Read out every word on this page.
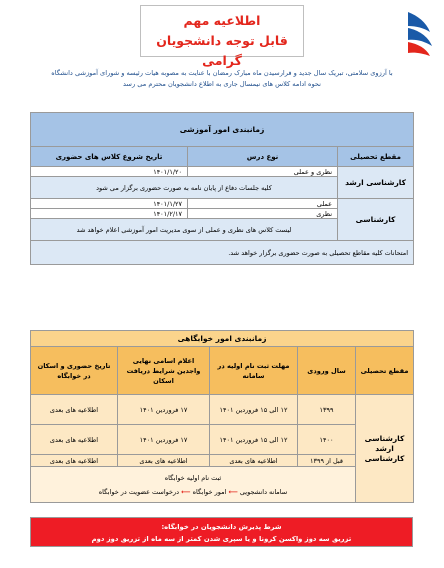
اطلاعیه مهم
قابل توجه دانشجویان گرامی
با آرزوی سلامتی، تبریک سال جدید و فرارسیدن ماه مبارک رمضان با عنایت به مصوبه هیات رئیسه و شورای آموزشی دانشگاه
نحوه ادامه کلاس های نیمسال جاری به اطلاع دانشجویان محترم می رسد
زمانبندی امور آموزشی		
مقطع تحصیلی	نوع درس	تاریخ شروع کلاس های حضوری
کارشناسی ارشد	نظری و عملی	۱۴۰۱/۱/۲۰
	کلیه جلسات دفاع از پایان نامه به صورت حضوری برگزار می شود	
کارشناسی	عملی	۱۴۰۱/۱/۲۷
	نظری	۱۴۰۱/۲/۱۷
	لیست کلاس های نظری و عملی از سوی مدیریت امور آموزشی اعلام خواهد شد	
امتحانات کلیه مقاطع تحصیلی به صورت حضوری برگزار خواهد شد.		
زمانبندی امور خوابگاهی				
مقطع تحصیلی	سال ورودی	مهلت ثبت نام اولیه در سامانه	اعلام اسامی نهایی واجدین شرایط دریافت اسکان	تاریخ حضوری و اسکان در خوابگاه
کارشناسی ارشد کارشناسی	۱۳۹۹	۱۲ الی ۱۵ فروردین ۱۴۰۱	۱۷ فروردین ۱۴۰۱	اطلاعیه های بعدی
	۱۴۰۰	۱۲ الی ۱۵ فروردین ۱۴۰۱	۱۷ فروردین ۱۴۰۱	اطلاعیه های بعدی
	قبل از ۱۳۹۹	اطلاعیه های بعدی	اطلاعیه های بعدی	اطلاعیه های بعدی

	ثبت نام اولیه خوابگاه
سامانه دانشجویی ⟵ امور خوابگاه ⟵ درخواست عضویت در خوابگاه			
شرط پذیرش دانشجویان در خوابگاه:
تزریق سه دوز واکسن کرونا و یا سپری شدن کمتر از سه ماه از تزریق دوز دوم
